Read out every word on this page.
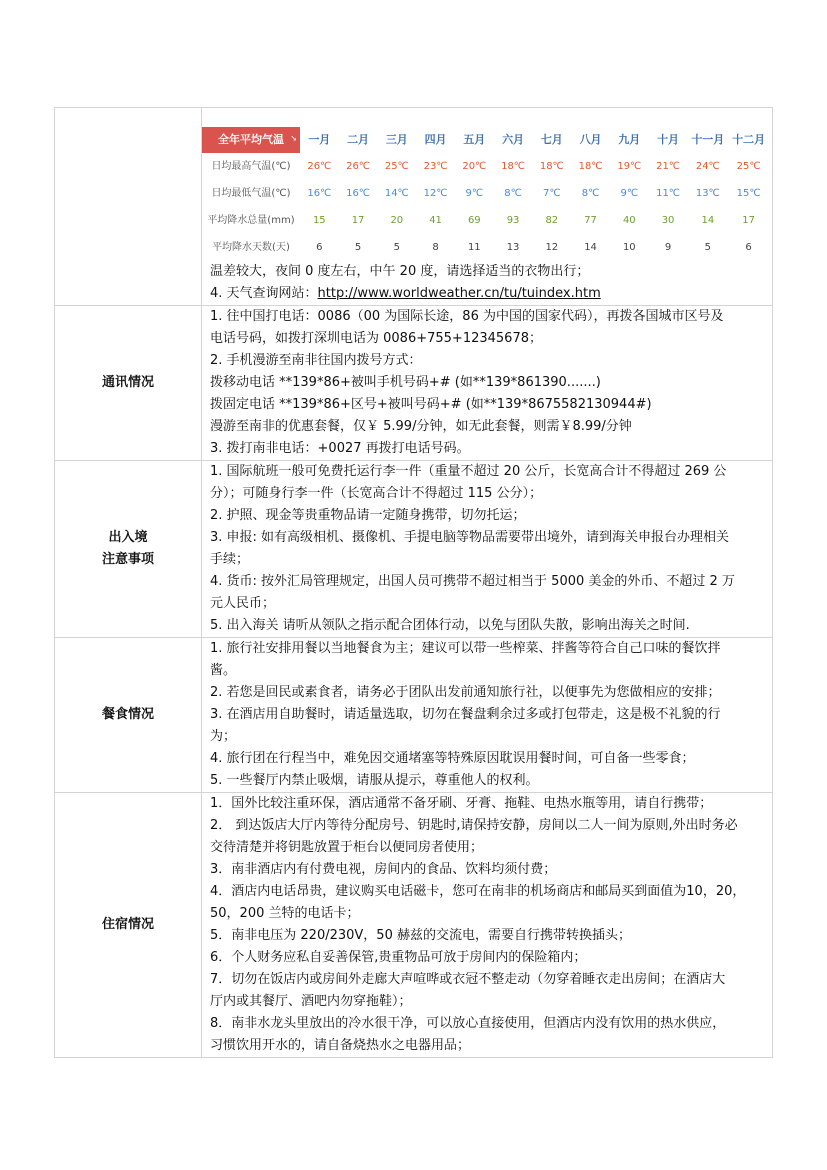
全年平均气温 ↘	一月	二月	三月	四月	五月	六月	七月	八月	九月	十月	十一月	十二月
日均最高气温(℃)	26℃	26℃	25℃	23℃	20℃	18℃	18℃	18℃	19℃	21℃	24℃	25℃
日均最低气温(℃)	16℃	16℃	14℃	12℃	9℃	8℃	7℃	8℃	9℃	11℃	13℃	15℃
平均降水总量(mm)	15	17	20	41	69	93	82	77	40	30	14	17
平均降水天数(天)	6	5	5	8	11	13	12	14	10	9	5	6
温差较大，夜间 0 度左右，中午 20 度，请选择适当的衣物出行；
4. 天气查询网站：http://www.worldweather.cn/tu/tuindex.htm

通讯情况	
1. 往中国打电话：0086（00 为国际长途，86 为中国的国家代码），再拨各国城市区号及
电话号码，如拨打深圳电话为 0086+755+12345678；
2. 手机漫游至南非往国内拨号方式：
拨移动电话 **139*86+被叫手机号码+# (如**139*861390.......)
拨固定电话 **139*86+区号+被叫号码+# (如**139*8675582130944#)
漫游至南非的优惠套餐，仅￥ 5.99/分钟，如无此套餐，则需￥8.99/分钟
3. 拨打南非电话：+0027 再拨打电话号码。

出入境
注意事项

1. 国际航班一般可免费托运行李一件（重量不超过 20 公斤，长宽高合计不得超过 269 公
分）；可随身行李一件（长宽高合计不得超过 115 公分）；
2. 护照、现金等贵重物品请一定随身携带，切勿托运；
3. 申报: 如有高级相机、摄像机、手提电脑等物品需要带出境外，请到海关申报台办理相关
手续；
4. 货币: 按外汇局管理规定，出国人员可携带不超过相当于 5000 美金的外币、不超过 2 万
元人民币；
5. 出入海关 请听从领队之指示配合团体行动，以免与团队失散，影响出海关之时间.

餐食情况	
1. 旅行社安排用餐以当地餐食为主；建议可以带一些榨菜、拌酱等符合自己口味的餐饮拌
酱。
2. 若您是回民或素食者，请务必于团队出发前通知旅行社，以便事先为您做相应的安排；
3. 在酒店用自助餐时，请适量选取，切勿在餐盘剩余过多或打包带走，这是极不礼貌的行
为；
4. 旅行团在行程当中，难免因交通堵塞等特殊原因耽误用餐时间，可自备一些零食；
5. 一些餐厅内禁止吸烟，请服从提示，尊重他人的权利。

住宿情况	
1．国外比较注重环保，酒店通常不备牙刷、牙膏、拖鞋、电热水瓶等用，请自行携带；
2． 到达饭店大厅内等待分配房号、钥匙时,请保持安静，房间以二人一间为原则,外出时务必
交待清楚并将钥匙放置于柜台以便同房者使用；
3．南非酒店内有付费电视，房间内的食品、饮料均须付费；
4．酒店内电话昂贵，建议购买电话磁卡，您可在南非的机场商店和邮局买到面值为10，20，
50，200 兰特的电话卡；
5．南非电压为 220/230V，50 赫兹的交流电，需要自行携带转换插头；
6．个人财务应私自妥善保管,贵重物品可放于房间内的保险箱内；
7．切勿在饭店内或房间外走廊大声喧哗或衣冠不整走动（勿穿着睡衣走出房间；在酒店大
厅内或其餐厅、酒吧内勿穿拖鞋）；
8．南非水龙头里放出的冷水很干净，可以放心直接使用，但酒店内没有饮用的热水供应，
习惯饮用开水的，请自备烧热水之电器用品；
